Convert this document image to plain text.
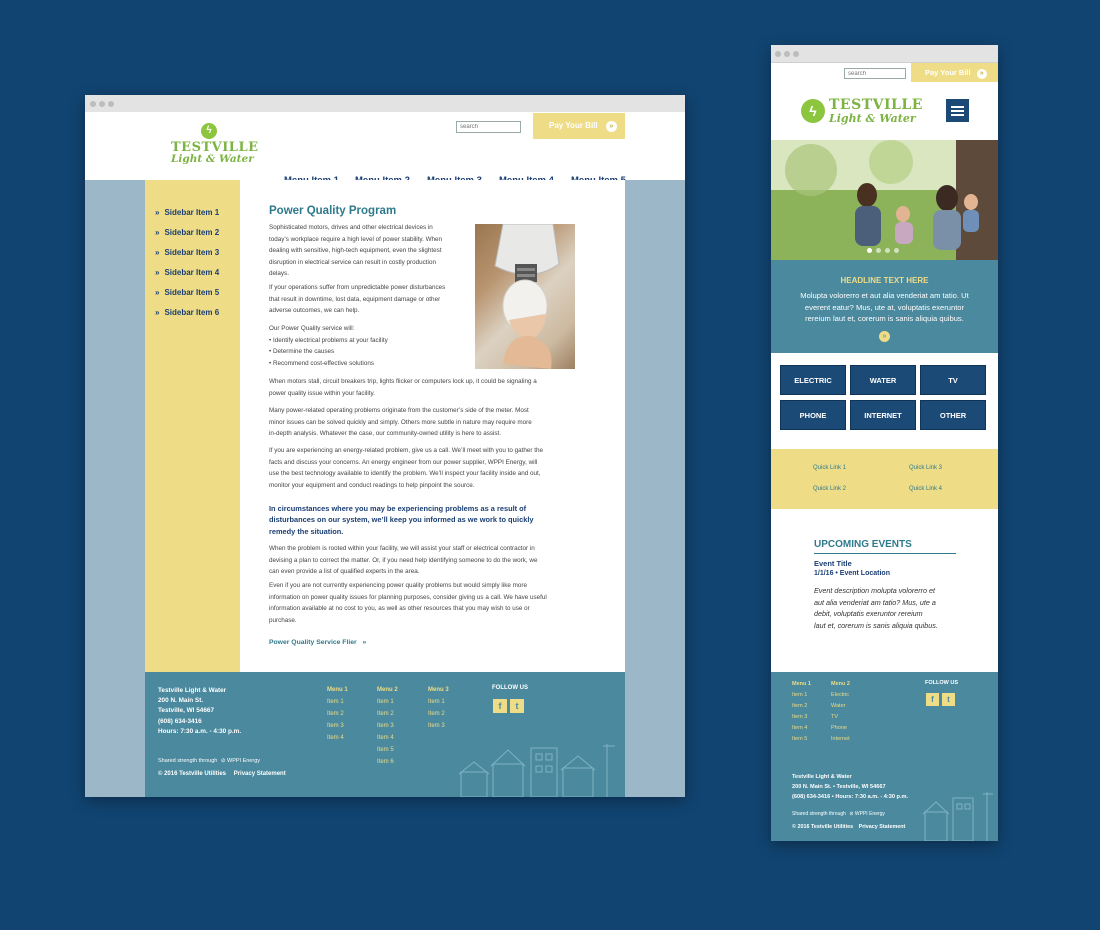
ϟ
TESTVILLE
Light & Water
search
Pay Your Bill »
» Sidebar Item 1
» Sidebar Item 2
» Sidebar Item 3
» Sidebar Item 4
» Sidebar Item 5
» Sidebar Item 6
Power Quality Program
Sophisticated motors, drives and other electrical devices in
today’s workplace require a high level of power stability. When
dealing with sensitive, high-tech equipment, even the slightest
disruption in electrical service can result in costly production
delays.
If your operations suffer from unpredictable power disturbances
that result in downtime, lost data, equipment damage or other
adverse outcomes, we can help.
Our Power Quality service will:
• Identify electrical problems at your facility
• Determine the causes
• Recommend cost-effective solutions
When motors stall, circuit breakers trip, lights flicker or computers lock up, it could be signaling a
power quality issue within your facility.
Many power-related operating problems originate from the customer’s side of the meter. Most
minor issues can be solved quickly and simply. Others more subtle in nature may require more
in-depth analysis. Whatever the case, our community-owned utility is here to assist.
If you are experiencing an energy-related problem, give us a call. We’ll meet with you to gather the
facts and discuss your concerns. An energy engineer from our power supplier, WPPI Energy, will
use the best technology available to identify the problem. We’ll inspect your facility inside and out,
monitor your equipment and conduct readings to help pinpoint the source.
In circumstances where you may be experiencing problems as a result of
disturbances on our system, we’ll keep you informed as we work to quickly
remedy the situation.
When the problem is rooted within your facility, we will assist your staff or electrical contractor in
devising a plan to correct the matter. Or, if you need help identifying someone to do the work, we
can even provide a list of qualified experts in the area.
Even if you are not currently experiencing power quality problems but would simply like more
information on power quality issues for planning purposes, consider giving us a call. We have useful
information available at no cost to you, as well as other resources that you may wish to use or
purchase.
Power Quality Service Flier »
Testville Light & Water
200 N. Main St.
Testville, WI 54667
(608) 634-3416
Hours: 7:30 a.m. - 4:30 p.m.
Shared strength through ⊘ WPPI Energy
© 2016 Testville Utilities Privacy Statement
Menu 1
Item 1
Item 2
Item 3
Item 4
Menu 2
Item 1
Item 2
Item 3
Item 4
Item 5
Item 6
Menu 3
Item 1
Item 2
Item 3
FOLLOW US
f	t
search
Pay Your Bill »
ϟ TESTVILLE
Light & Water
HEADLINE TEXT HERE
Molupta volorerro et aut alia venderiat am tatio. Ut
everent eatur? Mus, ute at, voluptatis exeruntor
rereium laut et, corerum is sanis aliquia quibus.
»
ELECTRIC	WATER	TV
PHONE	INTERNET	OTHER
Quick Link 1	Quick Link 3
Quick Link 2	Quick Link 4
UPCOMING EVENTS
Event Title
1/1/16 • Event Location
Event description molupta volorerro et
aut alia venderiat am tatio? Mus, ute a
debit, voluptatis exeruntor rereium
laut et, corerum is sanis aliquia quibus.
Menu 1
Item 1
Item 2
Item 3
Item 4
Item 5
Menu 2
Electric
Water
TV
Phone
Internet
FOLLOW US
f	t
Testville Light & Water
200 N. Main St. • Testville, WI 54667
(608) 634-3416 • Hours: 7:30 a.m. - 4:30 p.m.
Shared strength through ⊘ WPPI Energy
© 2016 Testville Utilities Privacy Statement
